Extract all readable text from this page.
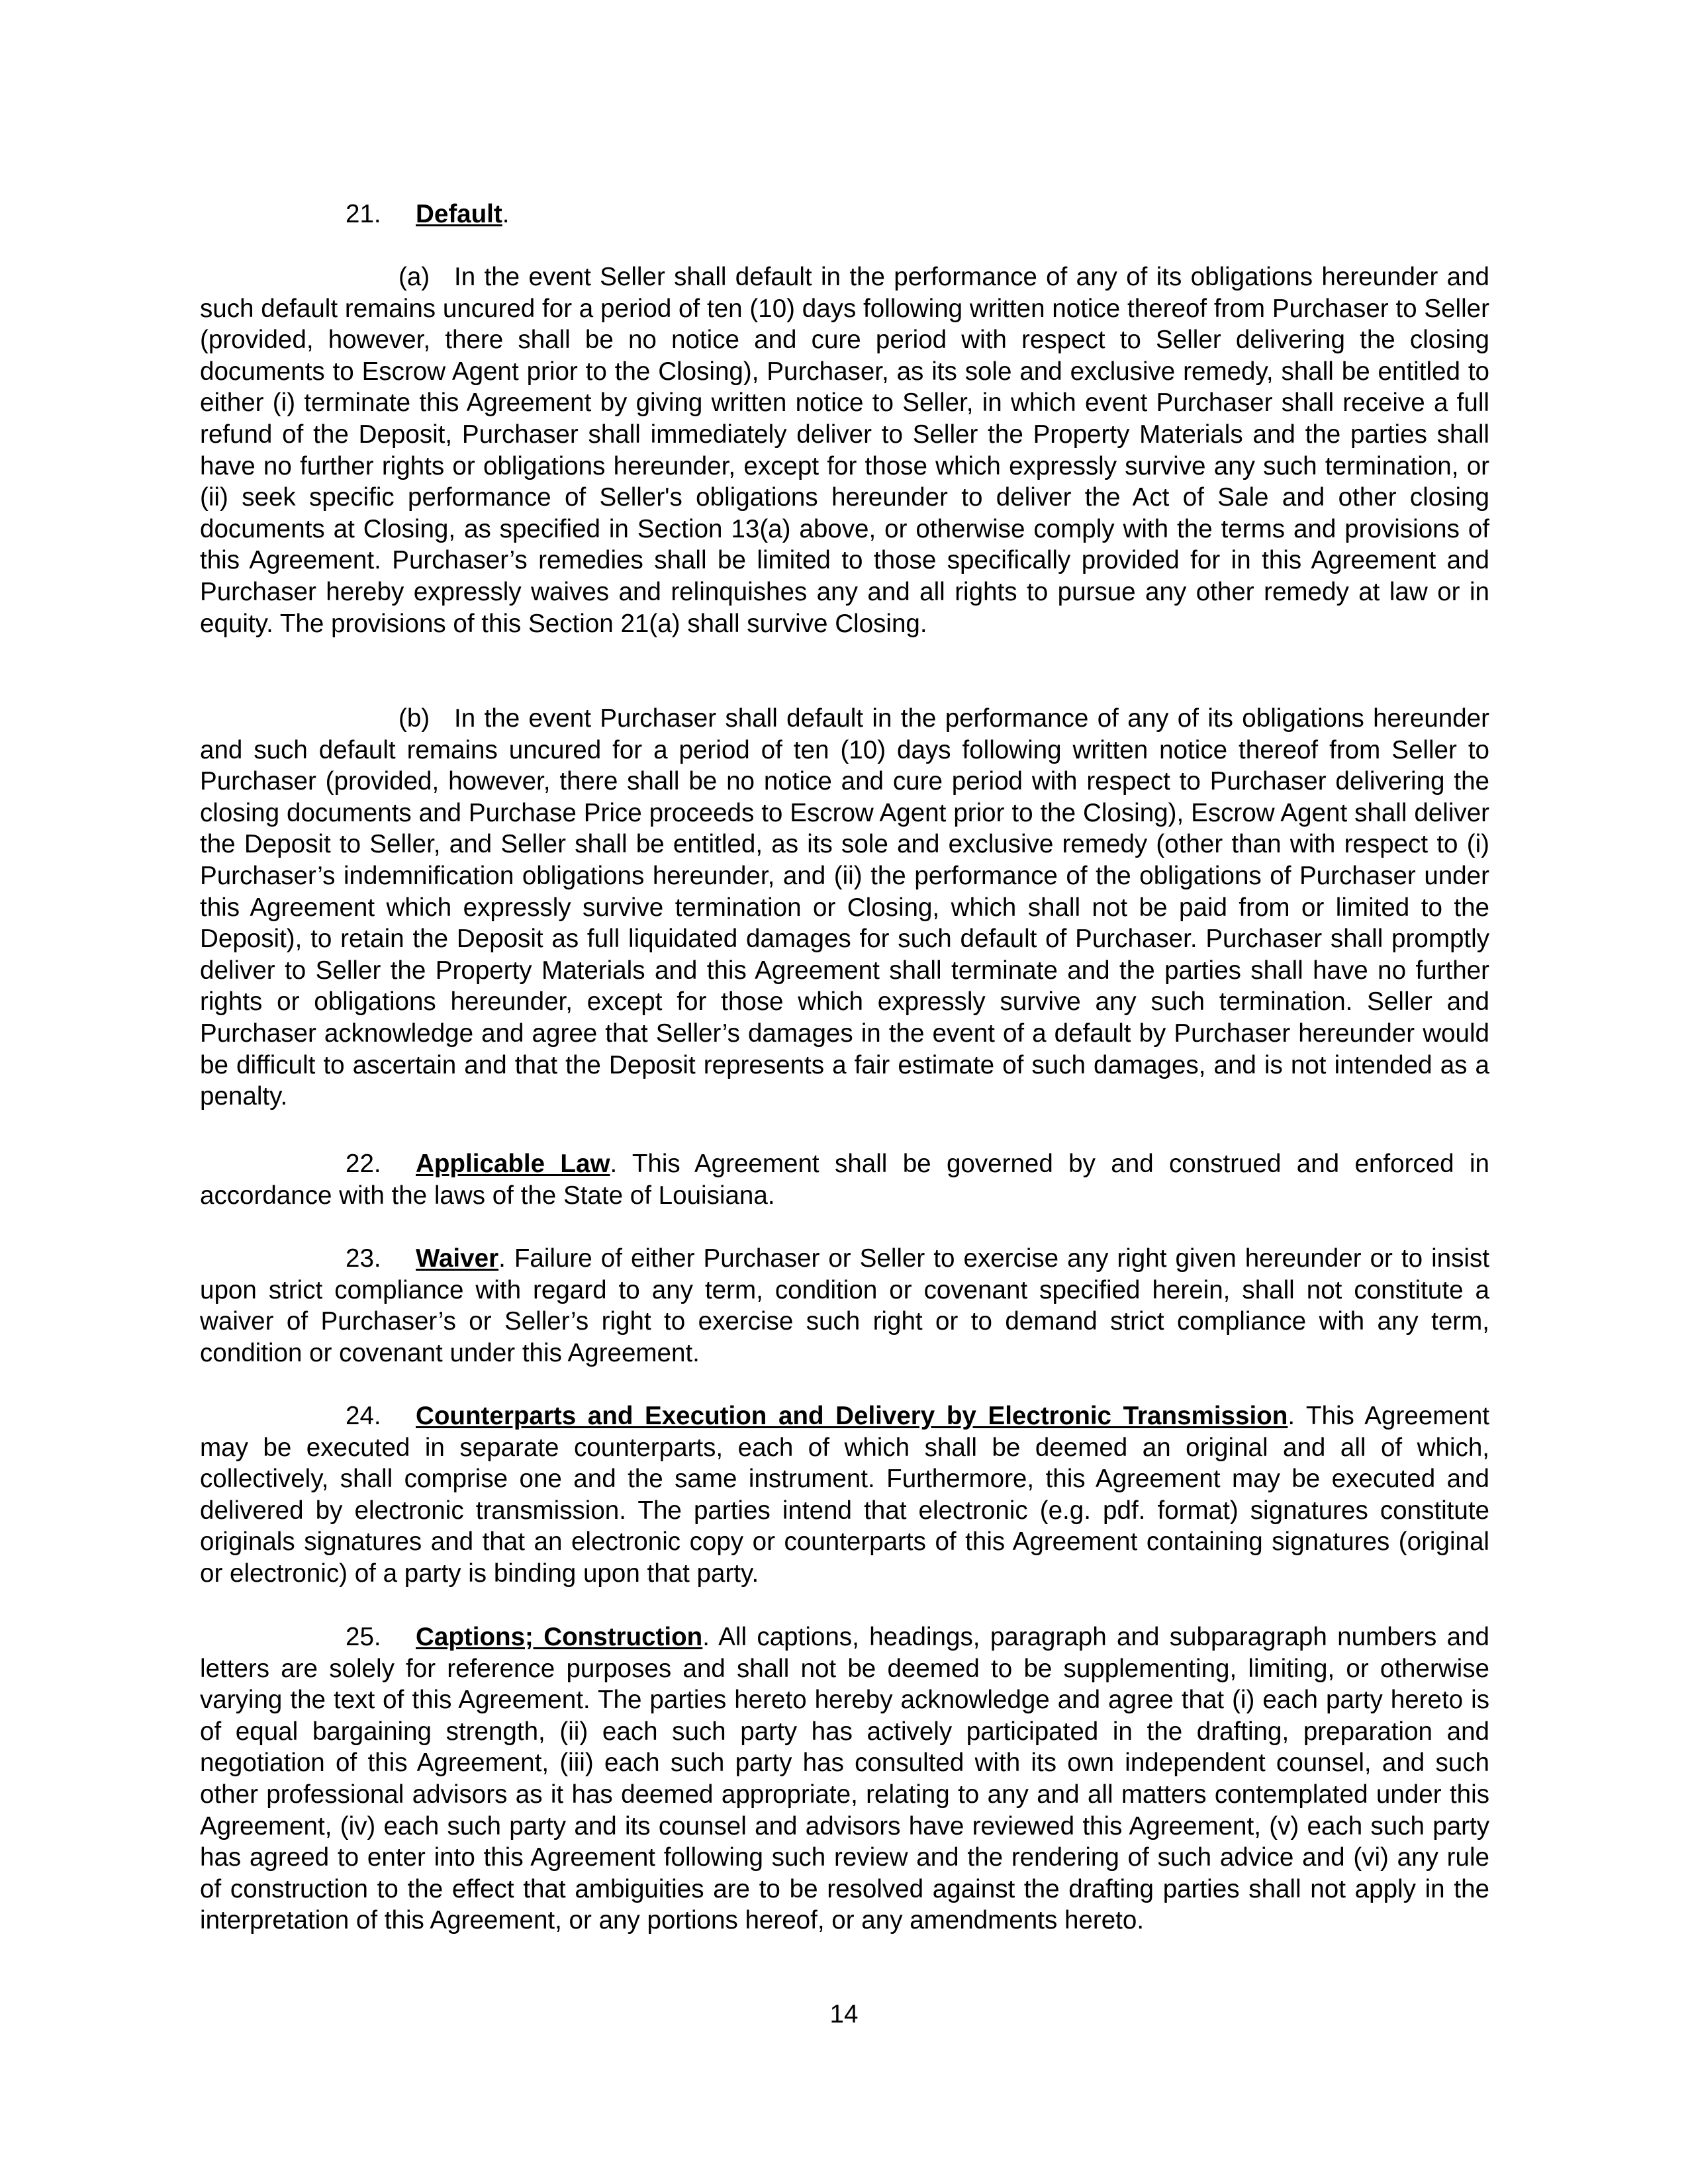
21. Default.

(a) In the event Seller shall default in the performance of any of its obligations hereunder and such default remains uncured for a period of ten (10) days following written notice thereof from Purchaser to Seller (provided, however, there shall be no notice and cure period with respect to Seller delivering the closing documents to Escrow Agent prior to the Closing), Purchaser, as its sole and exclusive remedy, shall be entitled to either (i) terminate this Agreement by giving written notice to Seller, in which event Purchaser shall receive a full refund of the Deposit, Purchaser shall immediately deliver to Seller the Property Materials and the parties shall have no further rights or obligations hereunder, except for those which expressly survive any such termination, or (ii) seek specific performance of Seller's obligations hereunder to deliver the Act of Sale and other closing documents at Closing, as specified in Section 13(a) above, or otherwise comply with the terms and provisions of this Agreement. Purchaser’s remedies shall be limited to those specifically provided for in this Agreement and Purchaser hereby expressly waives and relinquishes any and all rights to pursue any other remedy at law or in equity. The provisions of this Section 21(a) shall survive Closing.

(b) In the event Purchaser shall default in the performance of any of its obligations hereunder and such default remains uncured for a period of ten (10) days following written notice thereof from Seller to Purchaser (provided, however, there shall be no notice and cure period with respect to Purchaser delivering the closing documents and Purchase Price proceeds to Escrow Agent prior to the Closing), Escrow Agent shall deliver the Deposit to Seller, and Seller shall be entitled, as its sole and exclusive remedy (other than with respect to (i) Purchaser’s indemnification obligations hereunder, and (ii) the performance of the obligations of Purchaser under this Agreement which expressly survive termination or Closing, which shall not be paid from or limited to the Deposit), to retain the Deposit as full liquidated damages for such default of Purchaser. Purchaser shall promptly deliver to Seller the Property Materials and this Agreement shall terminate and the parties shall have no further rights or obligations hereunder, except for those which expressly survive any such termination. Seller and Purchaser acknowledge and agree that Seller’s damages in the event of a default by Purchaser hereunder would be difficult to ascertain and that the Deposit represents a fair estimate of such damages, and is not intended as a penalty.

22. Applicable Law. This Agreement shall be governed by and construed and enforced in accordance with the laws of the State of Louisiana.

23. Waiver. Failure of either Purchaser or Seller to exercise any right given hereunder or to insist upon strict compliance with regard to any term, condition or covenant specified herein, shall not constitute a waiver of Purchaser’s or Seller’s right to exercise such right or to demand strict compliance with any term, condition or covenant under this Agreement.

24. Counterparts and Execution and Delivery by Electronic Transmission. This Agreement may be executed in separate counterparts, each of which shall be deemed an original and all of which, collectively, shall comprise one and the same instrument. Furthermore, this Agreement may be executed and delivered by electronic transmission. The parties intend that electronic (e.g. pdf. format) signatures constitute originals signatures and that an electronic copy or counterparts of this Agreement containing signatures (original or electronic) of a party is binding upon that party.

25. Captions; Construction. All captions, headings, paragraph and subparagraph numbers and letters are solely for reference purposes and shall not be deemed to be supplementing, limiting, or otherwise varying the text of this Agreement. The parties hereto hereby acknowledge and agree that (i) each party hereto is of equal bargaining strength, (ii) each such party has actively participated in the drafting, preparation and negotiation of this Agreement, (iii) each such party has consulted with its own independent counsel, and such other professional advisors as it has deemed appropriate, relating to any and all matters contemplated under this Agreement, (iv) each such party and its counsel and advisors have reviewed this Agreement, (v) each such party has agreed to enter into this Agreement following such review and the rendering of such advice and (vi) any rule of construction to the effect that ambiguities are to be resolved against the drafting parties shall not apply in the interpretation of this Agreement, or any portions hereof, or any amendments hereto.

14
